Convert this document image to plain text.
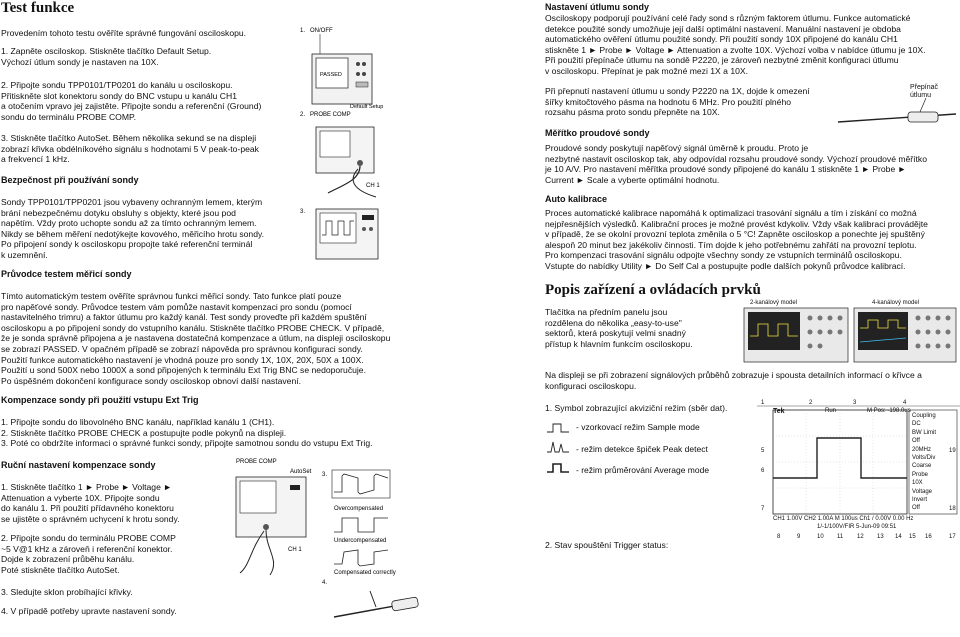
Test funkce
Provedením tohoto testu ověříte správné fungování osciloskopu.
1. Zapněte osciloskop. Stiskněte tlačítko Default Setup.
Výchozí útlum sondy je nastaven na 10X.
2. Připojte sondu TPP0101/TP0201 do kanálu u osciloskopu.
Přitiskněte slot konektoru sondy do BNC vstupu u kanálu CH1
a otočením vpravo jej zajistěte. Připojte sondu a referenční (Ground)
sondu do terminálu PROBE COMP.
3. Stiskněte tlačítko AutoSet. Během několika sekund se na displeji
zobrazí křivka obdélníkového signálu s hodnotami 5 V peak-to-peak
a frekvencí 1 kHz.
Bezpečnost při používání sondy
Sondy TPP0101/TPP0201 jsou vybaveny ochranným lemem, kterým
brání nebezpečnému dotyku obsluhy s objekty, které jsou pod
napětím. Vždy proto uchopte sondu až za tímto ochranným lemem.
Nikdy se během měření nedotýkejte kovového, měřicího hrotu sondy.
Po připojení sondy k osciloskopu propojte také referenční terminál
k uzemnění.
Průvodce testem měřicí sondy
Tímto automatickým testem ověříte správnou funkci měřicí sondy. Tato funkce platí pouze
pro napěťové sondy. Průvodce testem vám pomůže nastavit kompenzaci pro sondu (pomocí
nastavitelného trimru) a faktor útlumu pro každý kanál. Test sondy proveďte při každém spuštění
osciloskopu a po připojení sondy do vstupního kanálu. Stiskněte tlačítko PROBE CHECK. V případě,
že je sonda správně připojena a je nastavena dostatečná kompenzace a útlum, na displeji osciloskopu
se zobrazí PASSED. V opačném případě se zobrazí nápověda pro správnou konfiguraci sondy.
Použití funkce automatického nastavení je vhodná pouze pro sondy 1X, 10X, 20X, 50X a 100X.
Použití u sond 500X nebo 1000X a sond připojených k terminálu Ext Trig BNC se nedoporučuje.
Po úspěšném dokončení konfigurace sondy osciloskop obnoví další nastavení.
Kompenzace sondy při použití vstupu Ext Trig
1. Připojte sondu do libovolného BNC kanálu, například kanálu 1 (CH1).
2. Stiskněte tlačítko PROBE CHECK a postupujte podle pokynů na displeji.
3. Poté co obdržíte informaci o správné funkci sondy, připojte samotnou sondu do vstupu Ext Trig.
Ruční nastavení kompenzace sondy
1. Stiskněte tlačítko 1 ► Probe ► Voltage ►
Attenuation a vyberte 10X. Připojte sondu
do kanálu 1. Při použití přídavného konektoru
se ujistěte o správném uchycení k hrotu sondy.
2. Připojte sondu do terminálu PROBE COMP
~5 V@1 kHz a zároveň i referenční konektor.
Dojde k zobrazení průběhu kanálu.
Poté stiskněte tlačítko AutoSet.
3. Sledujte sklon probíhající křivky.
4. V případě potřeby upravte nastavení sondy.
1. ON/OFF
PASSED
Default Setup
2. PROBE COMP
CH 1
3.
PROBE COMP
AutoSet
CH 1
3.
Overcompensated
Undercompensated
Compensated correctly
4.
Nastavení útlumu sondy
Osciloskopy podporují používání celé řady sond s různým faktorem útlumu. Funkce automatické
detekce použité sondy umožňuje její další optimální nastavení. Manuální nastavení je obdoba
automatického ověření útlumu použité sondy. Při použití sondy 10X připojené do kanálu CH1
stiskněte 1 ► Probe ► Voltage ► Attenuation a zvolte 10X. Výchozí volba v nabídce útlumu je 10X.
Při použití přepínače útlumu na sondě P2220, je zároveň nezbytné změnit konfiguraci útlumu
v osciloskopu. Přepínat je pak možné mezi 1X a 10X.
Při přepnutí nastavení útlumu u sondy P2220 na 1X, dojde k omezení
šířky kmitočtového pásma na hodnotu 6 MHz. Pro použití plného
rozsahu pásma proto sondu přepněte na 10X.
Přepínač
útlumu
Měřítko proudové sondy
Proudové sondy poskytují napěťový signál úměrně k proudu. Proto je
nezbytné nastavit osciloskop tak, aby odpovídal rozsahu proudové sondy. Výchozí proudové měřítko
je 10 A/V. Pro nastavení měřítka proudové sondy připojené do kanálu 1 stiskněte 1 ► Probe ►
Current ► Scale a vyberte optimální hodnotu.
Auto kalibrace
Proces automatické kalibrace napomáhá k optimalizaci trasování signálu a tím i získání co možná
nejpřesnějších výsledků. Kalibrační proces je možné provést kdykoliv. Vždy však kalibraci provádějte
v případě, že se okolní provozní teplota změnila o 5 °C! Zapněte osciloskop a ponechte jej spuštěný
alespoň 20 minut bez jakékoliv činnosti. Tím dojde k jeho potřebnému zahřátí na provozní teplotu.
Pro kompenzaci trasování signálu odpojte všechny sondy ze vstupních terminálů osciloskopu.
Vstupte do nabídky Utility ► Do Self Cal a postupujte podle dalších pokynů průvodce kalibrací.
Popis zařízení a ovládacích prvků
Tlačítka na předním panelu jsou
rozdělena do několika „easy-to-use"
sektorů, která poskytují velmi snadný
přístup k hlavním funkcím osciloskopu.
2-kanálový model	4-kanálový model
Na displeji se při zobrazení signálových průběhů zobrazuje i spousta detailních informací o křivce a
konfiguraci osciloskopu.
1. Symbol zobrazující akviziční režim (sběr dat).
- vzorkovací režim Sample mode
- režim detekce špiček Peak detect
- režim průměrování Average mode
2. Stav spouštění Trigger status:
Tek	Run	M Pos: -198.0us
Coupling
DC
BW Limit
Off
20MHz
Volts/Div
Coarse
Probe
10X
Voltage
Invert
Off
CH1 1.00V CH2 1.00A M 100us Ch1 / 0.00V 0.00 Hz
1/-1/100V/FIR 5-Jun-09 09:51
1	2	3	4
5
6
7
8	9	10 11 12 13 14 15 16	17
18
19
